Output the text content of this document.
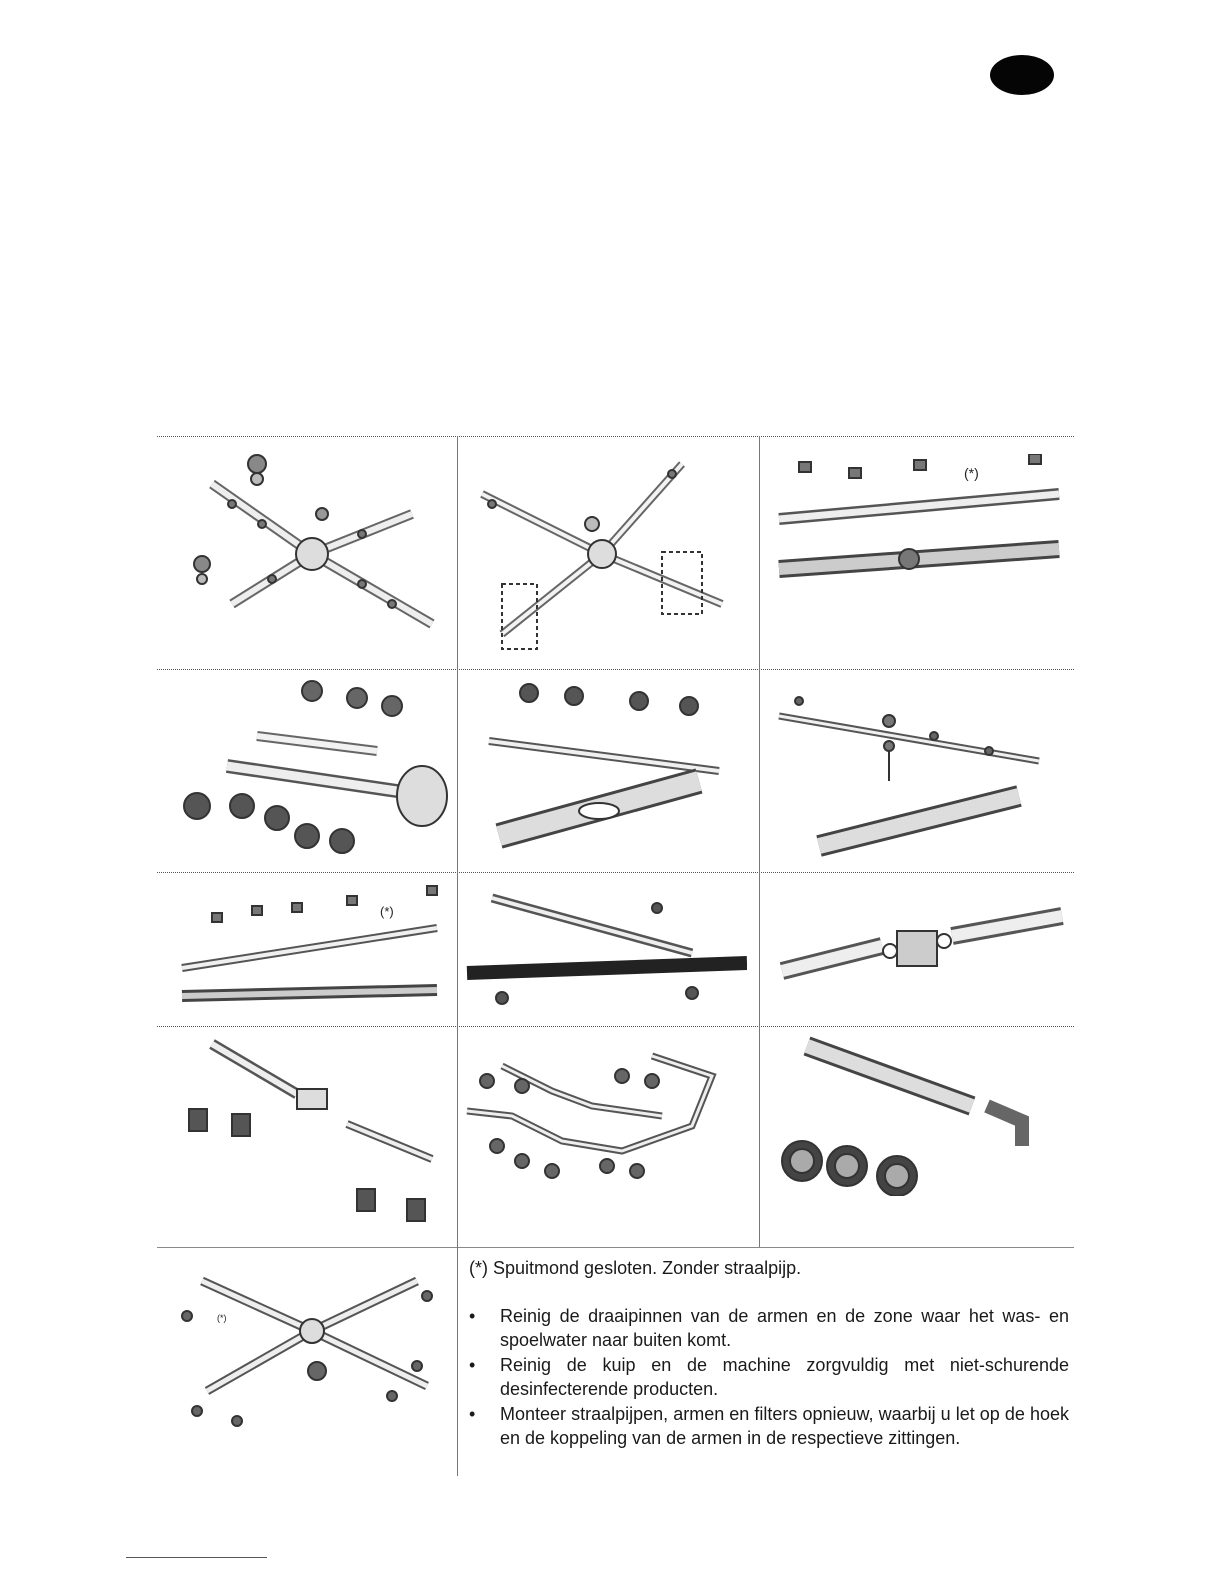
(*)
(*)
(*)

(*) Spuitmond gesloten. Zonder straalpijp.

• Reinig de draaipinnen van de armen en de zone waar het was- en spoelwater naar buiten komt.
• Reinig de kuip en de machine zorgvuldig met niet-schurende desinfecterende producten.
• Monteer straalpijpen, armen en filters opnieuw, waarbij u let op de hoek en de koppeling van de armen in de respectieve zittingen.
